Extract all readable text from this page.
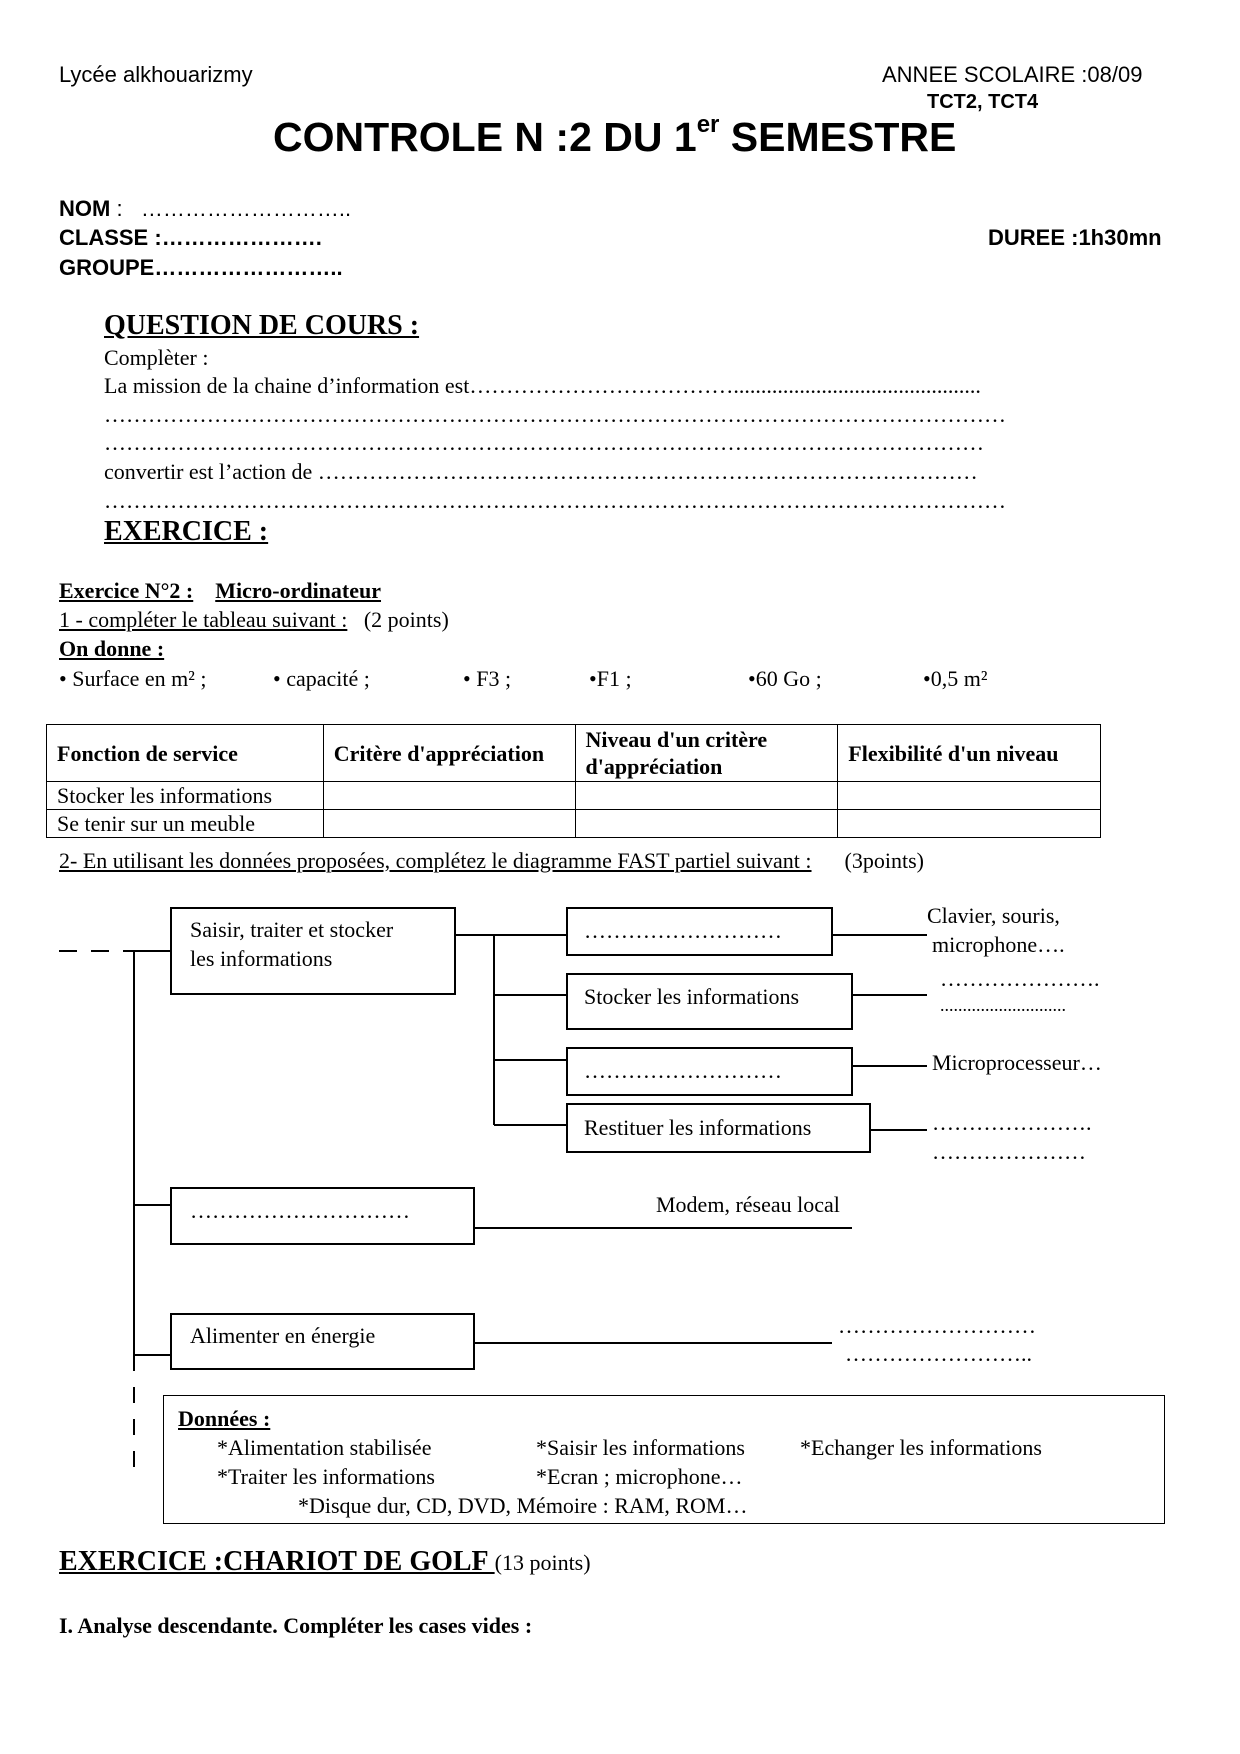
Lycée alkhouarizmy	ANNEE SCOLAIRE :08/09
TCT2, TCT4
CONTROLE N :2 DU 1er SEMESTRE
NOM : ………………………..
CLASSE :………………….	DUREE :1h30mn
GROUPE……………………..
QUESTION DE COURS :
Complèter :
La mission de la chaine d’information est……………………………….............................................
……………………………………………………………………………………………………………
…………………………………………………………………………………………………………
convertir est l’action de ………………………………………………………………………………
……………………………………………………………………………………………………………
EXERCICE :
Exercice N°2 : Micro-ordinateur
1 - compléter le tableau suivant : (2 points)
On donne :
• Surface en m² ;	• capacité ;	• F3 ;	•F1 ;	•60 Go ;	•0,5 m²
Fonction de service	Critère d'appréciation	Niveau d'un critère d'appréciation	Flexibilité d'un niveau
Stocker les informations			
Se tenir sur un meuble			
2- En utilisant les données proposées, complétez le diagramme FAST partiel suivant : (3points)
Saisir, traiter et stocker
les informations
………………………
Stocker les informations
………………………
Restituer les informations
Clavier, souris,
microphone….
………………….
............................
Microprocesseur…
………………….
…………………
…………………………	Modem, réseau local
Alimenter en énergie	………………………
……………………..
Données :
*Alimentation stabilisée	*Saisir les informations	*Echanger les informations
*Traiter les informations	*Ecran ; microphone…
*Disque dur, CD, DVD, Mémoire : RAM, ROM…
EXERCICE :CHARIOT DE GOLF (13 points)
I. Analyse descendante. Compléter les cases vides :
